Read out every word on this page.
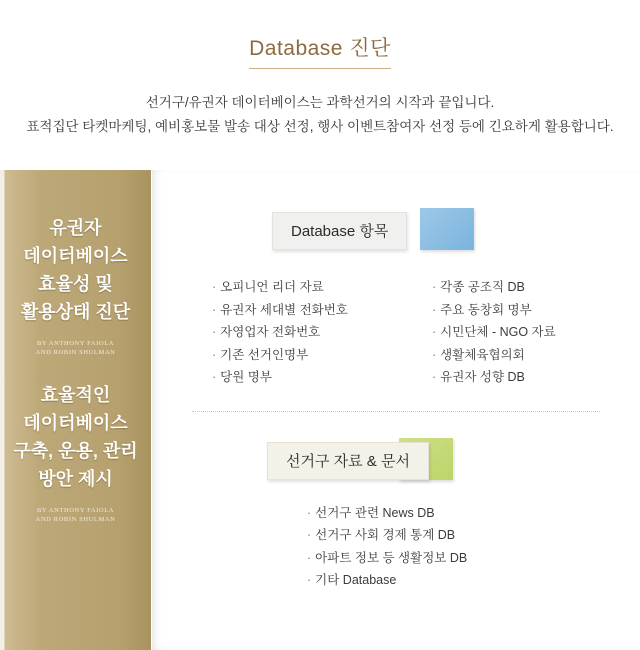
Database 진단
선거구/유권자 데이터베이스는 과학선거의 시작과 끝입니다.
표적집단 타켓마케팅, 예비홍보물 발송 대상 선정, 행사 이벤트참여자 선정 등에 긴요하게 활용합니다.
유권자
데이터베이스
효율성 및
활용상태 진단
BY ANTHONY FAIOLA
AND ROBIN SHULMAN
효율적인
데이터베이스
구축, 운용, 관리
방안 제시
BY ANTHONY FAIOLA
AND ROBIN SHULMAN
Database 항목
· 오피니언 리더 자료
· 유권자 세대별 전화번호
· 자영업자 전화번호
· 기존 선거인명부
· 당원 명부
· 각종 공조직 DB
· 주요 동창회 명부
· 시민단체 - NGO 자료
· 생활체육협의회
· 유권자 성향 DB
선거구 자료 & 문서
· 선거구 관련 News DB
· 선거구 사회 경제 통계 DB
· 아파트 정보 등 생활정보 DB
· 기타 Database
